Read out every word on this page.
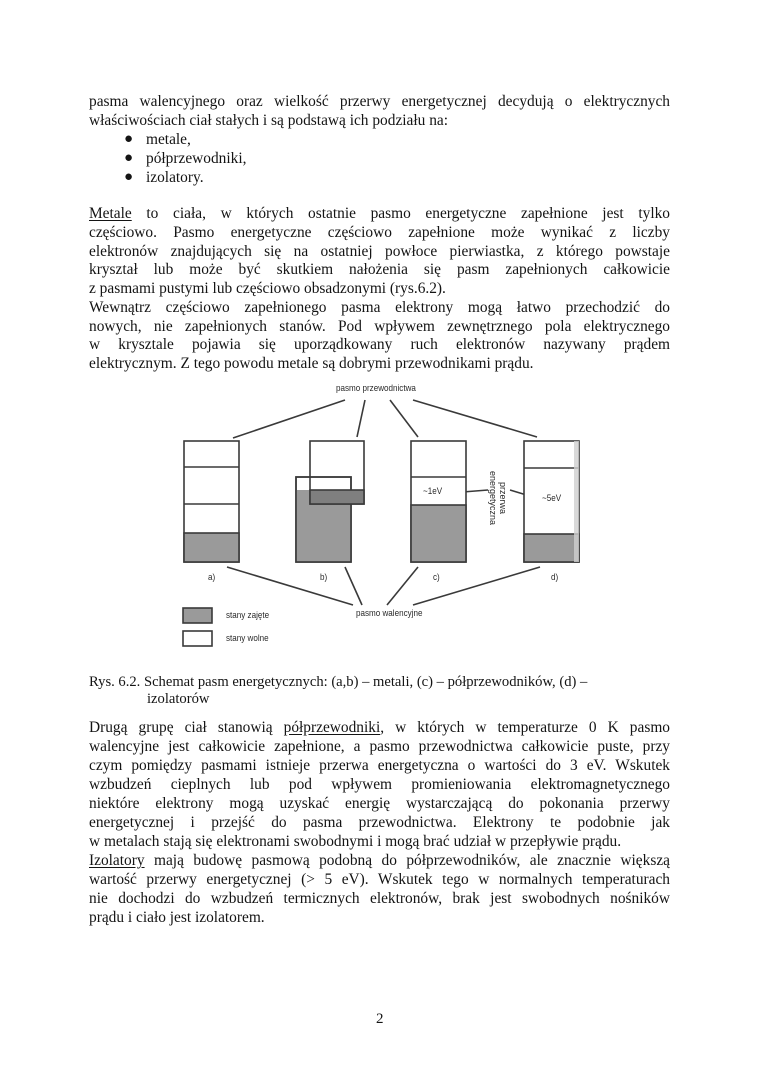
pasma walencyjnego oraz wielkość przerwy energetycznej decydują o elektrycznych
właściwościach ciał stałych i są podstawą ich podziału na:
● metale,
● półprzewodniki,
● izolatory.
Metale to ciała, w których ostatnie pasmo energetyczne zapełnione jest tylko
częściowo. Pasmo energetyczne częściowo zapełnione może wynikać z liczby
elektronów znajdujących się na ostatniej powłoce pierwiastka, z którego powstaje
kryształ lub może być skutkiem nałożenia się pasm zapełnionych całkowicie
z pasmami pustymi lub częściowo obsadzonymi (rys.6.2).
Wewnątrz częściowo zapełnionego pasma elektrony mogą łatwo przechodzić do
nowych, nie zapełnionych stanów. Pod wpływem zewnętrznego pola elektrycznego
w krysztale pojawia się uporządkowany ruch elektronów nazywany prądem
elektrycznym. Z tego powodu metale są dobrymi przewodnikami prądu.
pasmo przewodnictwa
pasmo walencyjne
a)	b)	c)	d)
~1eV
~5eV
przerwa
energetyczna
stany zajęte
stany wolne
Rys. 6.2. Schemat pasm energetycznych: (a,b) – metali, (c) – półprzewodników, (d) –
izolatorów
Drugą grupę ciał stanowią półprzewodniki, w których w temperaturze 0 K pasmo
walencyjne jest całkowicie zapełnione, a pasmo przewodnictwa całkowicie puste, przy
czym pomiędzy pasmami istnieje przerwa energetyczna o wartości do 3 eV. Wskutek
wzbudzeń cieplnych lub pod wpływem promieniowania elektromagnetycznego
niektóre elektrony mogą uzyskać energię wystarczającą do pokonania przerwy
energetycznej i przejść do pasma przewodnictwa. Elektrony te podobnie jak
w metalach stają się elektronami swobodnymi i mogą brać udział w przepływie prądu.
Izolatory mają budowę pasmową podobną do półprzewodników, ale znacznie większą
wartość przerwy energetycznej (> 5 eV). Wskutek tego w normalnych temperaturach
nie dochodzi do wzbudzeń termicznych elektronów, brak jest swobodnych nośników
prądu i ciało jest izolatorem.
2
